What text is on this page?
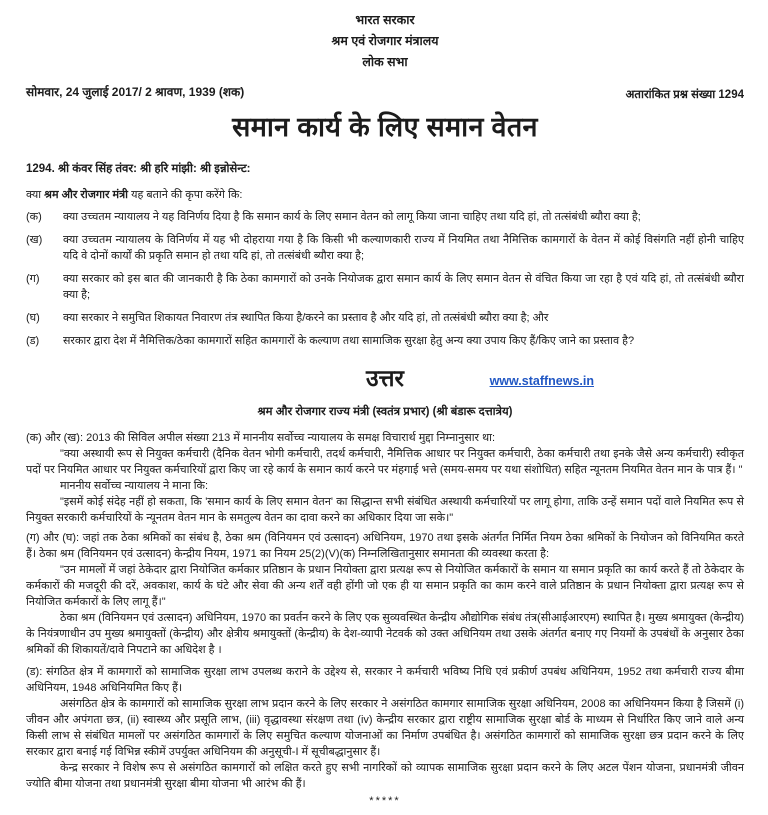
भारत सरकार
श्रम एवं रोजगार मंत्रालय
लोक सभा
सोमवार, 24 जुलाई 2017/ 2 श्रावण, 1939 (शक)	अतारांकित प्रश्न संख्या 1294
समान कार्य के लिए समान वेतन
1294. श्री कंवर सिंह तंवर: श्री हरि मांझी: श्री इन्नोसेन्ट:
क्या श्रम और रोजगार मंत्री यह बताने की कृपा करेंगे कि:
(क)	क्या उच्चतम न्यायालय ने यह विनिर्णय दिया है कि समान कार्य के लिए समान वेतन को लागू किया जाना चाहिए तथा यदि हां, तो तत्संबंधी ब्यौरा क्या है;
(ख)	क्या उच्चतम न्यायालय के विनिर्णय में यह भी दोहराया गया है कि किसी भी कल्याणकारी राज्य में नियमित तथा नैमित्तिक कामगारों के वेतन में कोई विसंगति नहीं होनी चाहिए यदि वे दोनों कार्यों की प्रकृति समान हो तथा यदि हां, तो तत्संबंधी ब्यौरा क्या है;
(ग)	क्या सरकार को इस बात की जानकारी है कि ठेका कामगारों को उनके नियोजक द्वारा समान कार्य के लिए समान वेतन से वंचित किया जा रहा है एवं यदि हां, तो तत्संबंधी ब्यौरा क्या है;
(घ)	क्या सरकार ने समुचित शिकायत निवारण तंत्र स्थापित किया है/करने का प्रस्ताव है और यदि हां, तो तत्संबंधी ब्यौरा क्या है; और
(ड)	सरकार द्वारा देश में नैमित्तिक/ठेका कामगारों सहित कामगारों के कल्याण तथा सामाजिक सुरक्षा हेतु अन्य क्या उपाय किए हैं/किए जाने का प्रस्ताव है?
उत्तर	www.staffnews.in
श्रम और रोजगार राज्य मंत्री (स्वतंत्र प्रभार) (श्री बंडारू दत्तात्रेय)

(क) और (ख): 2013 की सिविल अपील संख्या 213 में माननीय सर्वोच्च न्यायालय के समक्ष विचारार्थ मुद्दा निम्नानुसार था:

"क्या अस्थायी रूप से नियुक्त कर्मचारी (दैनिक वेतन भोगी कर्मचारी, तदर्थ कर्मचारी, नैमित्तिक आधार पर नियुक्त कर्मचारी, ठेका कर्मचारी तथा इनके जैसे अन्य कर्मचारी) स्वीकृत पदों पर नियमित आधार पर नियुक्त कर्मचारियों द्वारा किए जा रहे कार्य के समान कार्य करने पर मंहगाई भत्ते (समय-समय पर यथा संशोधित) सहित न्यूनतम नियमित वेतन मान के पात्र हैं। "

माननीय सर्वोच्च न्यायालय ने माना कि:

"इसमें कोई संदेह नहीं हो सकता, कि 'समान कार्य के लिए समान वेतन' का सिद्धान्त सभी संबंधित अस्थायी कर्मचारियों पर लागू होगा, ताकि उन्हें समान पदों वाले नियमित रूप से नियुक्त सरकारी कर्मचारियों के न्यूनतम वेतन मान के समतुल्य वेतन का दावा करने का अधिकार दिया जा सके।"

(ग) और (घ): जहां तक ठेका श्रमिकों का संबंध है, ठेका श्रम (विनियमन एवं उत्सादन) अधिनियम, 1970 तथा इसके अंतर्गत निर्मित नियम ठेका श्रमिकों के नियोजन को विनियमित करते हैं। ठेका श्रम (विनियमन एवं उत्सादन) केन्द्रीय नियम, 1971 का नियम 25(2)(V)(क) निम्नलिखितानुसार समानता की व्यवस्था करता है:

"उन मामलों में जहां ठेकेदार द्वारा नियोजित कर्मकार प्रतिष्ठान के प्रधान नियोक्ता द्वारा प्रत्यक्ष रूप से नियोजित कर्मकारों के समान या समान प्रकृति का कार्य करते हैं तो ठेकेदार के कर्मकारों की मजदूरी की दरें, अवकाश, कार्य के घंटे और सेवा की अन्य शर्तें वही होंगी जो एक ही या समान प्रकृति का काम करने वाले प्रतिष्ठान के प्रधान नियोक्ता द्वारा प्रत्यक्ष रूप से नियोजित कर्मकारों के लिए लागू हैं।"

ठेका श्रम (विनियमन एवं उत्सादन) अधिनियम, 1970 का प्रवर्तन करने के लिए एक सुव्यवस्थित केन्द्रीय औद्योगिक संबंध तंत्र(सीआईआरएम) स्थापित है। मुख्य श्रमायुक्त (केन्द्रीय) के नियंत्रणाधीन उप मुख्य श्रमायुक्तों (केन्द्रीय) और क्षेत्रीय श्रमायुक्तों (केन्द्रीय) के देश-व्यापी नेटवर्क को उक्त अधिनियम तथा उसके अंतर्गत बनाए गए नियमों के उपबंधों के अनुसार ठेका श्रमिकों की शिकायतें/दावे निपटाने का अधिदेश है ।

(ड): संगठित क्षेत्र में कामगारों को सामाजिक सुरक्षा लाभ उपलब्ध कराने के उद्देश्य से, सरकार ने कर्मचारी भविष्य निधि एवं प्रकीर्ण उपबंध अधिनियम, 1952 तथा कर्मचारी राज्य बीमा अधिनियम, 1948 अधिनियमित किए हैं।

असंगठित क्षेत्र के कामगारों को सामाजिक सुरक्षा लाभ प्रदान करने के लिए सरकार ने असंगठित कामगार सामाजिक सुरक्षा अधिनियम, 2008 का अधिनियमन किया है जिसमें (i) जीवन और अपंगता छत्र, (ii) स्वास्थ्य और प्रसूति लाभ, (iii) वृद्धावस्था संरक्षण तथा (iv) केन्द्रीय सरकार द्वारा राष्ट्रीय सामाजिक सुरक्षा बोर्ड के माध्यम से निर्धारित किए जाने वाले अन्य किसी लाभ से संबंधित मामलों पर असंगठित कामगारों के लिए समुचित कल्याण योजनाओं का निर्माण उपबंधित है। असंगठित कामगारों को सामाजिक सुरक्षा छत्र प्रदान करने के लिए सरकार द्वारा बनाई गई विभिन्न स्कीमें उपर्युक्त अधिनियम की अनुसूची-I में सूचीबद्धानुसार हैं।

केन्द्र सरकार ने विशेष रूप से असंगठित कामगारों को लक्षित करते हुए सभी नागरिकों को व्यापक सामाजिक सुरक्षा प्रदान करने के लिए अटल पेंशन योजना, प्रधानमंत्री जीवन ज्योति बीमा योजना तथा प्रधानमंत्री सुरक्षा बीमा योजना भी आरंभ की हैं।

*****
